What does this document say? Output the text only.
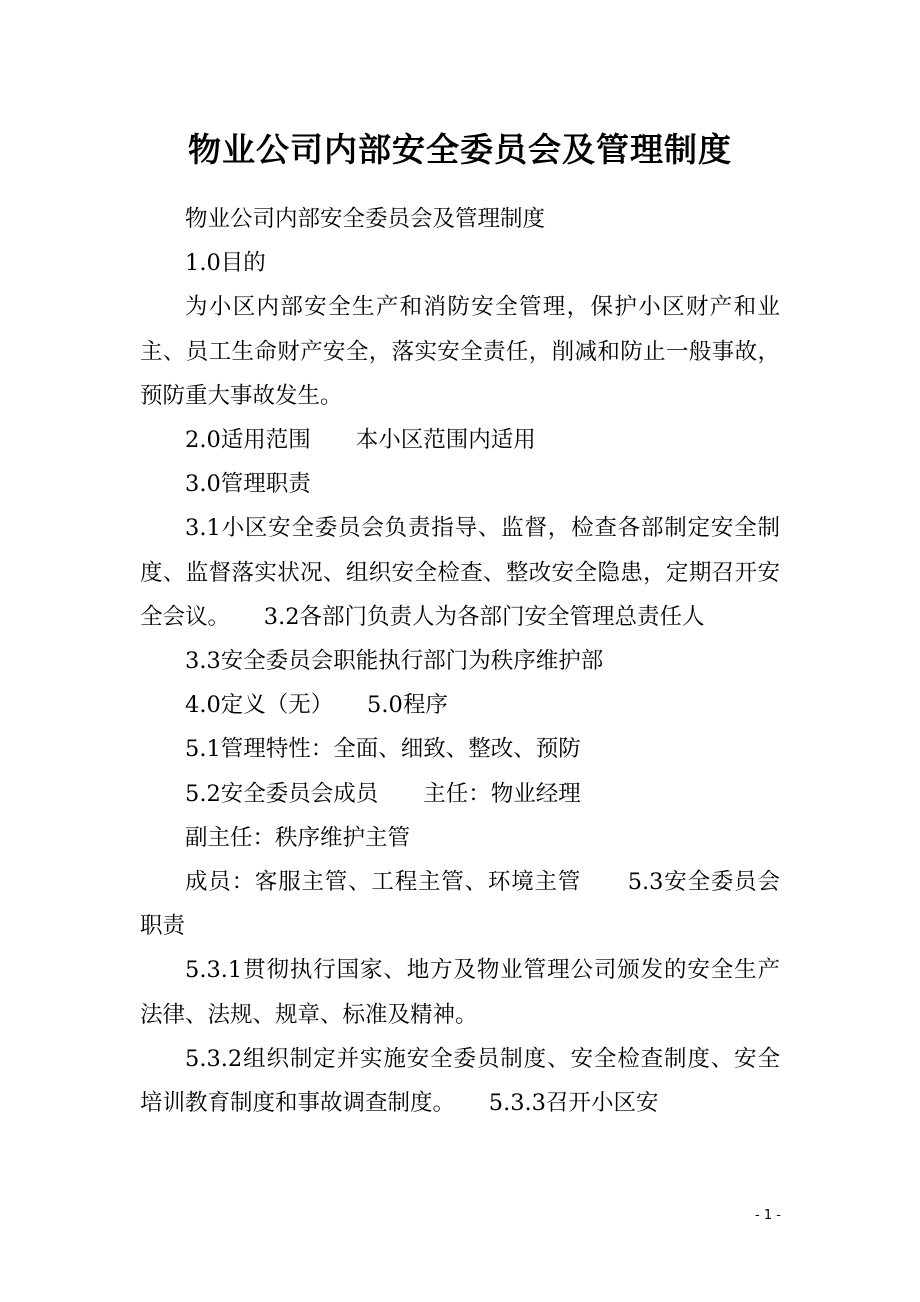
物业公司内部安全委员会及管理制度

物业公司内部安全委员会及管理制度

1.0目的

为小区内部安全生产和消防安全管理，保护小区财产和业主、员工生命财产安全，落实安全责任，削减和防止一般事故，预防重大事故发生。

2.0适用范围　　本小区范围内适用

3.0管理职责

3.1小区安全委员会负责指导、监督，检查各部制定安全制度、监督落实状况、组织安全检查、整改安全隐患，定期召开安全会议。　　3.2各部门负责人为各部门安全管理总责任人

3.3安全委员会职能执行部门为秩序维护部

4.0定义（无）　　5.0程序

5.1管理特性：全面、细致、整改、预防

5.2安全委员会成员　　主任：物业经理

副主任：秩序维护主管

成员：客服主管、工程主管、环境主管　　5.3安全委员会职责

5.3.1贯彻执行国家、地方及物业管理公司颁发的安全生产法律、法规、规章、标准及精神。

5.3.2组织制定并实施安全委员制度、安全检查制度、安全培训教育制度和事故调查制度。　　5.3.3召开小区安

- 1 -
